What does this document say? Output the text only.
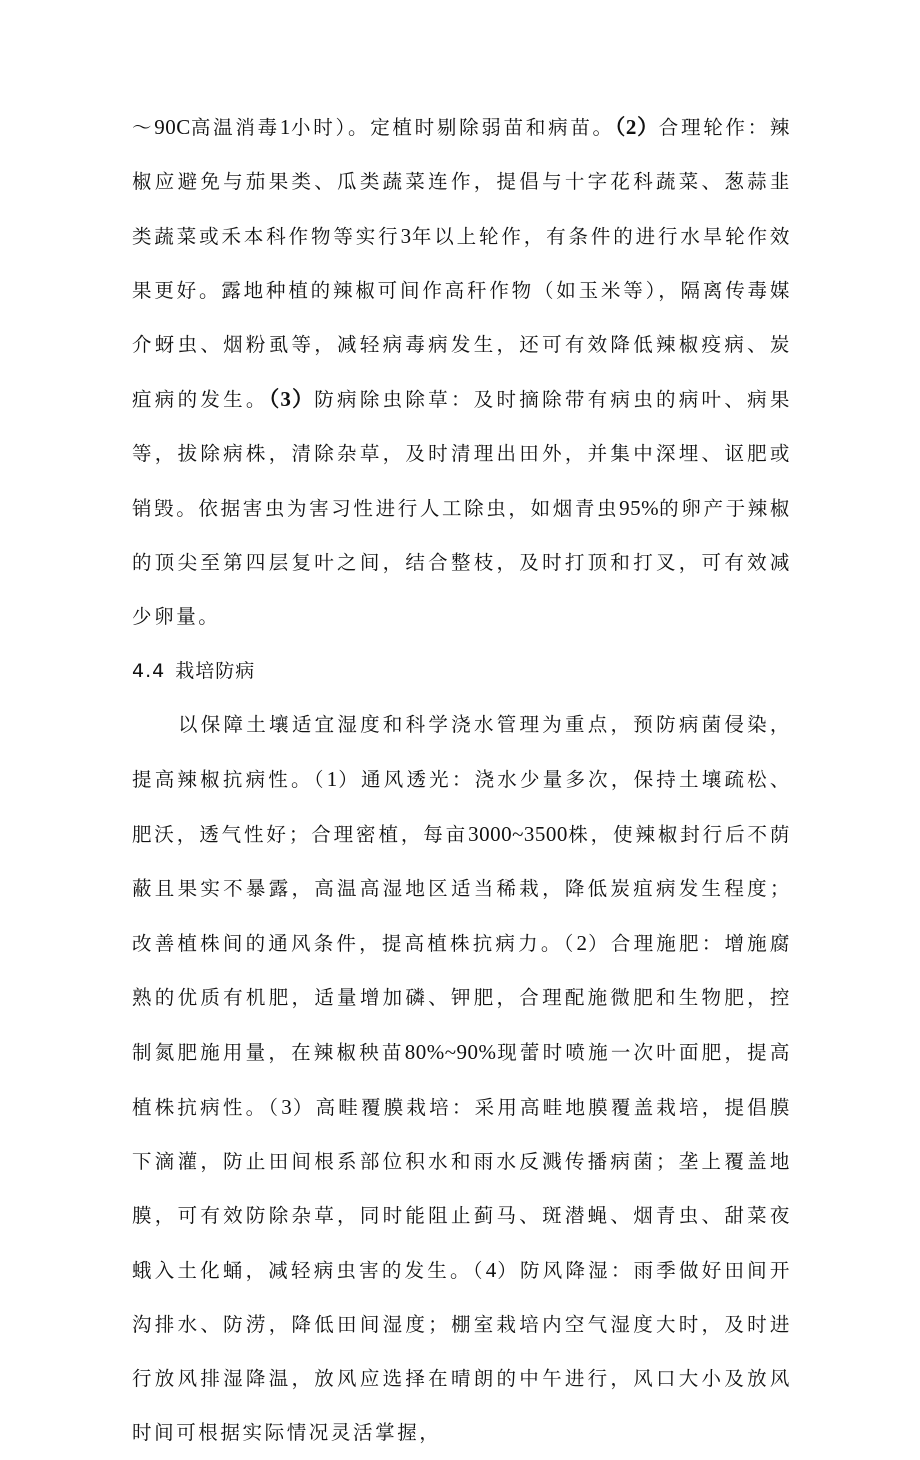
～90C高温消毒1小时）。定植时剔除弱苗和病苗。（2）合理轮作：辣椒应避免与茄果类、瓜类蔬菜连作，提倡与十字花科蔬菜、葱蒜韭类蔬菜或禾本科作物等实行3年以上轮作，有条件的进行水旱轮作效果更好。露地种植的辣椒可间作高秆作物（如玉米等），隔离传毒媒介蚜虫、烟粉虱等，减轻病毒病发生，还可有效降低辣椒疫病、炭疽病的发生。（3）防病除虫除草：及时摘除带有病虫的病叶、病果等，拔除病株，清除杂草，及时清理出田外，并集中深埋、讴肥或销毁。依据害虫为害习性进行人工除虫，如烟青虫95%的卵产于辣椒的顶尖至第四层复叶之间，结合整枝，及时打顶和打叉，可有效减少卵量。

4.4 栽培防病

以保障土壤适宜湿度和科学浇水管理为重点，预防病菌侵染，提高辣椒抗病性。（1）通风透光：浇水少量多次，保持土壤疏松、肥沃，透气性好；合理密植，每亩3000~3500株，使辣椒封行后不荫蔽且果实不暴露，高温高湿地区适当稀栽，降低炭疽病发生程度；改善植株间的通风条件，提高植株抗病力。（2）合理施肥：增施腐熟的优质有机肥，适量增加磷、钾肥，合理配施微肥和生物肥，控制氮肥施用量，在辣椒秧苗80%~90%现蕾时喷施一次叶面肥，提高植株抗病性。（3）高畦覆膜栽培：采用高畦地膜覆盖栽培，提倡膜下滴灌，防止田间根系部位积水和雨水反溅传播病菌；垄上覆盖地膜，可有效防除杂草，同时能阻止蓟马、斑潜蝇、烟青虫、甜菜夜蛾入土化蛹，减轻病虫害的发生。（4）防风降湿：雨季做好田间开沟排水、防涝，降低田间湿度；棚室栽培内空气湿度大时，及时进行放风排湿降温，放风应选择在晴朗的中午进行，风口大小及放风时间可根据实际情况灵活掌握，
